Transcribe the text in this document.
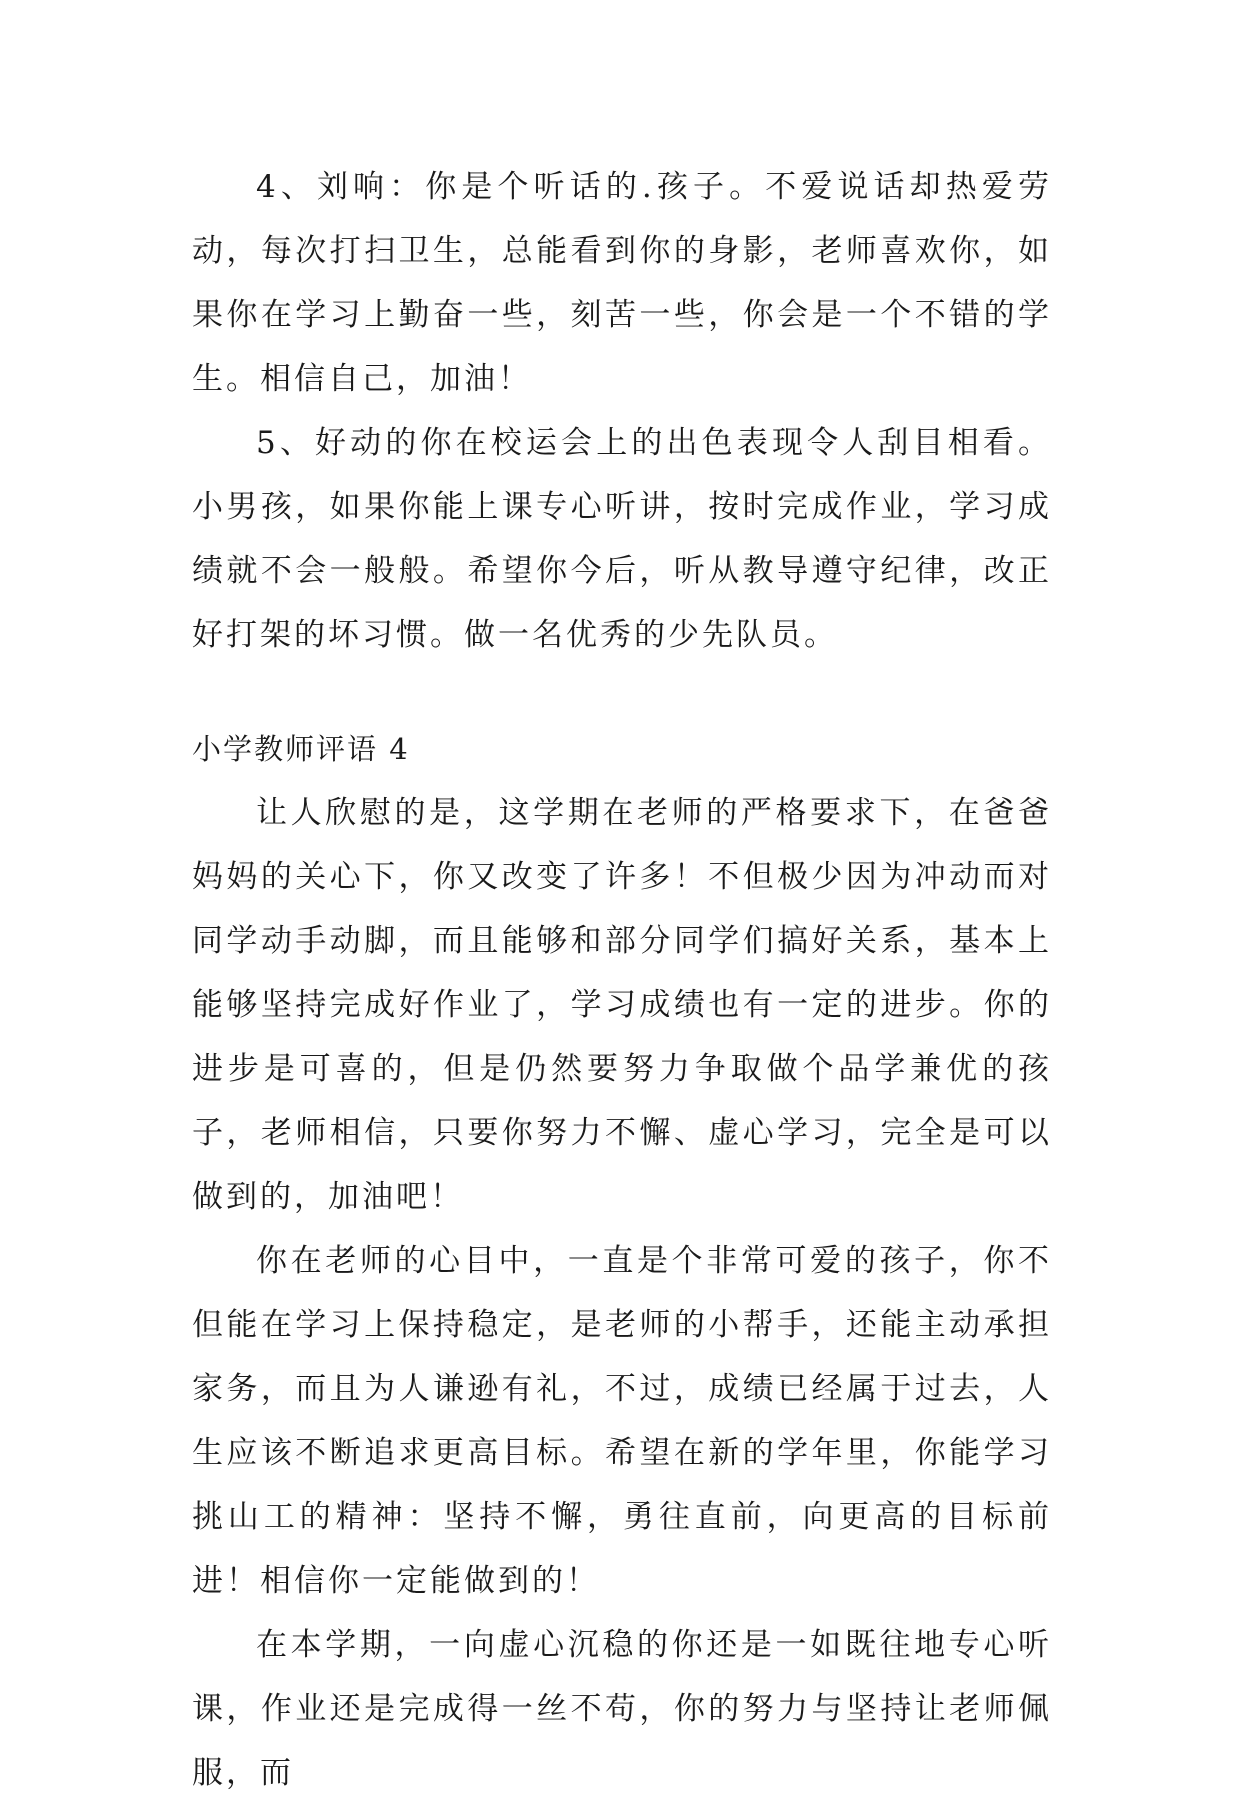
4、刘响：你是个听话的.孩子。不爱说话却热爱劳动，每次打扫卫生，总能看到你的身影，老师喜欢你，如果你在学习上勤奋一些，刻苦一些，你会是一个不错的学生。相信自己，加油！

5、好动的你在校运会上的出色表现令人刮目相看。小男孩，如果你能上课专心听讲，按时完成作业，学习成绩就不会一般般。希望你今后，听从教导遵守纪律，改正好打架的坏习惯。做一名优秀的少先队员。

小学教师评语 4

让人欣慰的是，这学期在老师的严格要求下，在爸爸妈妈的关心下，你又改变了许多！不但极少因为冲动而对同学动手动脚，而且能够和部分同学们搞好关系，基本上能够坚持完成好作业了，学习成绩也有一定的进步。你的进步是可喜的，但是仍然要努力争取做个品学兼优的孩子，老师相信，只要你努力不懈、虚心学习，完全是可以做到的，加油吧！

你在老师的心目中，一直是个非常可爱的孩子，你不但能在学习上保持稳定，是老师的小帮手，还能主动承担家务，而且为人谦逊有礼，不过，成绩已经属于过去，人生应该不断追求更高目标。希望在新的学年里，你能学习挑山工的精神：坚持不懈，勇往直前，向更高的目标前进！相信你一定能做到的！

在本学期，一向虚心沉稳的你还是一如既往地专心听课，作业还是完成得一丝不苟，你的努力与坚持让老师佩服，而
